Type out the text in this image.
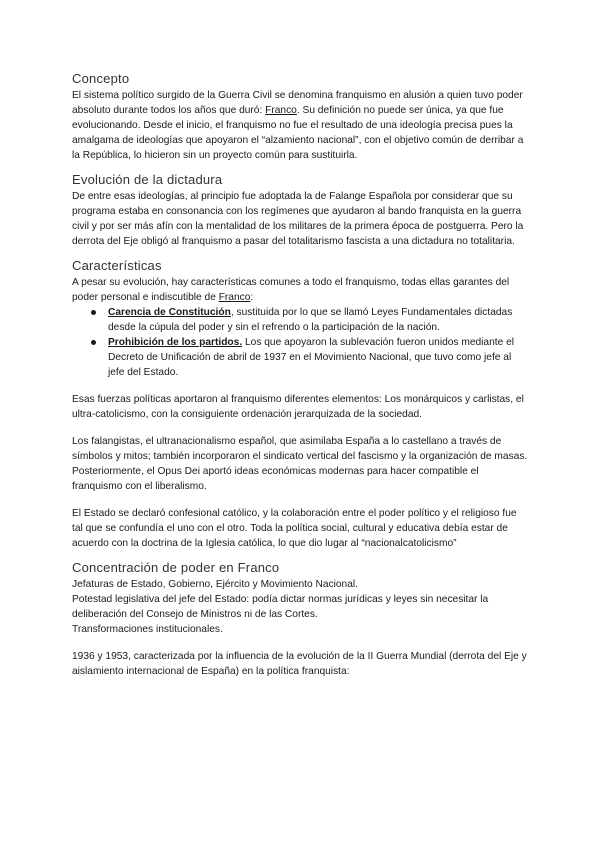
Concepto

El sistema político surgido de la Guerra Civil se denomina franquismo en alusión a quien tuvo poder absoluto durante todos los años que duró: Franco. Su definición no puede ser única, ya que fue evolucionando. Desde el inicio, el franquismo no fue el resultado de una ideología precisa pues la amalgama de ideologías que apoyaron el “alzamiento nacional”, con el objetivo común de derribar a la República, lo hicieron sin un proyecto común para sustituirla.

Evolución de la dictadura

De entre esas ideologías, al principio fue adoptada la de Falange Española por considerar que su programa estaba en consonancia con los regímenes que ayudaron al bando franquista en la guerra civil y por ser más afín con la mentalidad de los militares de la primera época de postguerra. Pero la derrota del Eje obligó al franquismo a pasar del totalitarismo fascista a una dictadura no totalitaria.

Características

A pesar su evolución, hay características comunes a todo el franquismo, todas ellas garantes del poder personal e indiscutible de Franco:

Carencia de Constitución, sustituida por lo que se llamó Leyes Fundamentales dictadas desde la cúpula del poder y sin el refrendo o la participación de la nación.
Prohibición de los partidos. Los que apoyaron la sublevación fueron unidos mediante el Decreto de Unificación de abril de 1937 en el Movimiento Nacional, que tuvo como jefe al jefe del Estado.

Esas fuerzas políticas aportaron al franquismo diferentes elementos: Los monárquicos y carlistas, el ultra-catolicismo, con la consiguiente ordenación jerarquizada de la sociedad.

Los falangistas, el ultranacionalismo español, que asimilaba España a lo castellano a través de símbolos y mitos; también incorporaron el sindicato vertical del fascismo y la organización de masas. Posteriormente, el Opus Dei aportó ideas económicas modernas para hacer compatible el franquismo con el liberalismo.

El Estado se declaró confesional católico, y la colaboración entre el poder político y el religioso fue tal que se confundía el uno con el otro. Toda la política social, cultural y educativa debía estar de acuerdo con la doctrina de la Iglesia católica, lo que dio lugar al “nacionalcatolicismo”

Concentración de poder en Franco

Jefaturas de Estado, Gobierno, Ejército y Movimiento Nacional.

Potestad legislativa del jefe del Estado: podía dictar normas jurídicas y leyes sin necesitar la deliberación del Consejo de Ministros ni de las Cortes.

Transformaciones institucionales.

1936 y 1953, caracterizada por la influencia de la evolución de la II Guerra Mundial (derrota del Eje y aislamiento internacional de España) en la política franquista:
